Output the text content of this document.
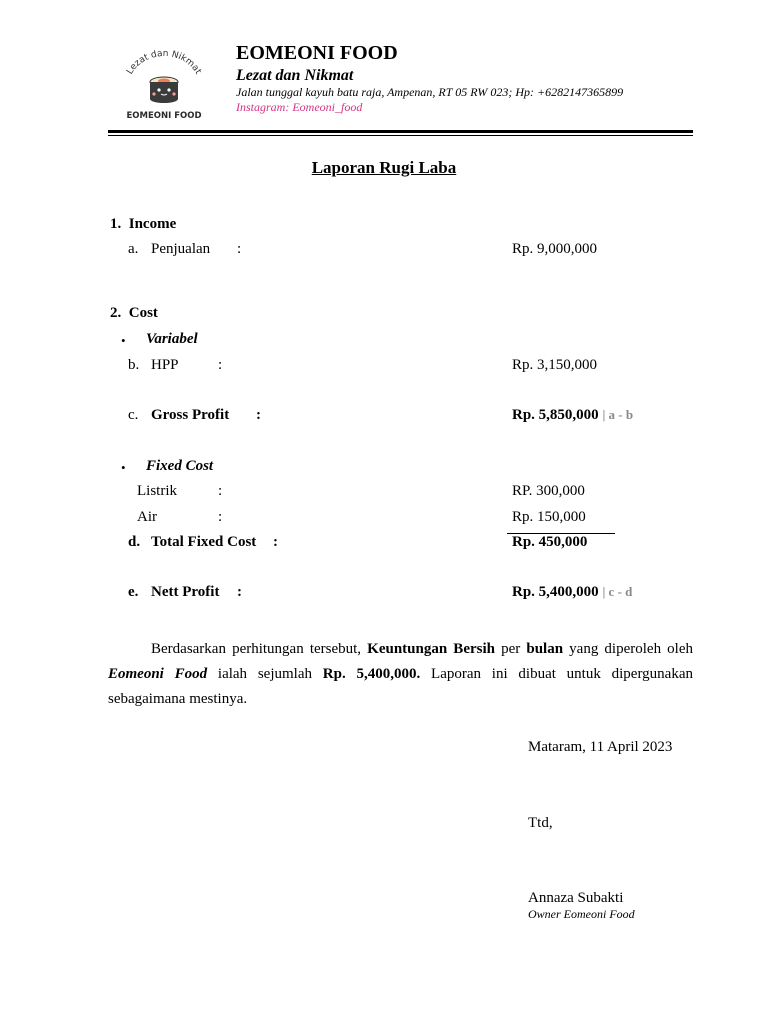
Lezat dan Nikmat
EOMEONI FOOD
EOMEONI FOOD
Lezat dan Nikmat
Jalan tunggal kayuh batu raja, Ampenan, RT 05 RW 023; Hp: +6282147365899
Instagram: Eomeoni_food
Laporan Rugi Laba
1.  Income
a. Penjualan :	Rp. 9,000,000
2.  Cost
• Variabel
b. HPP	:	Rp. 3,150,000
c. Gross Profit :	Rp. 5,850,000 | a - b
• Fixed Cost
Listrik	:	RP. 300,000
Air	:	Rp. 150,000
d. Total Fixed Cost :	Rp. 450,000
e. Nett Profit :	Rp. 5,400,000 | c - d
Berdasarkan perhitungan tersebut, Keuntungan Bersih per bulan yang diperoleh oleh Eomeoni Food ialah sejumlah Rp. 5,400,000. Laporan ini dibuat untuk dipergunakan sebagaimana mestinya.
Mataram, 11 April 2023
Ttd,
Annaza Subakti
Owner Eomeoni Food
